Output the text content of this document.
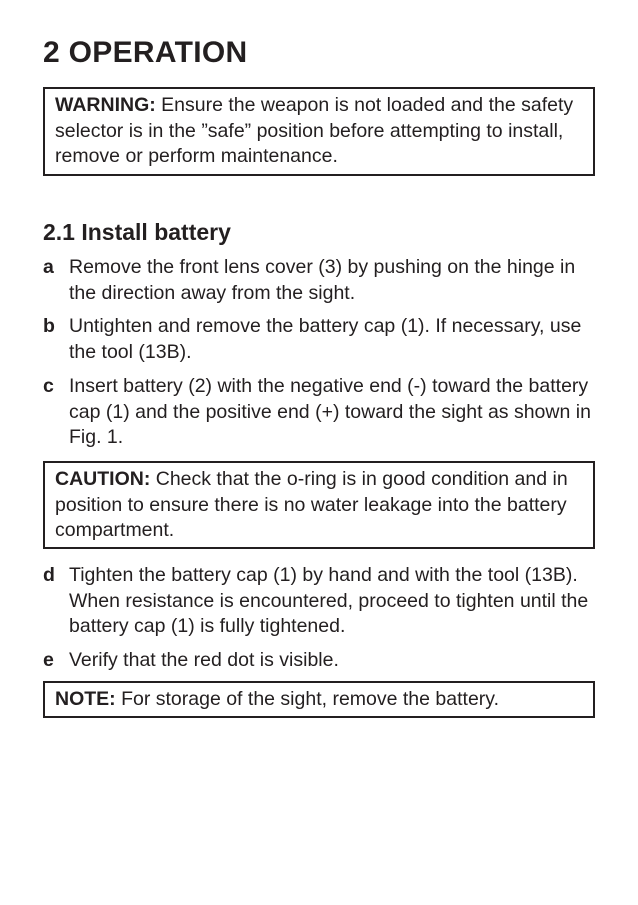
2 OPERATION
WARNING: Ensure the weapon is not loaded and the safety selector is in the ”safe” position before attempting to install, remove or perform maintenance.
2.1 Install battery
a Remove the front lens cover (3) by pushing on the hinge in the direction away from the sight.
b Untighten and remove the battery cap (1). If necessary, use the tool (13B).
c Insert battery (2) with the negative end (-) toward the battery cap (1) and the positive end (+) toward the sight as shown in Fig. 1.
CAUTION: Check that the o-ring is in good condition and in position to ensure there is no water leakage into the battery compartment.
d Tighten the battery cap (1) by hand and with the tool (13B). When resistance is encountered, proceed to tighten until the battery cap (1) is fully tightened.
e Verify that the red dot is visible.
NOTE: For storage of the sight, remove the battery.
